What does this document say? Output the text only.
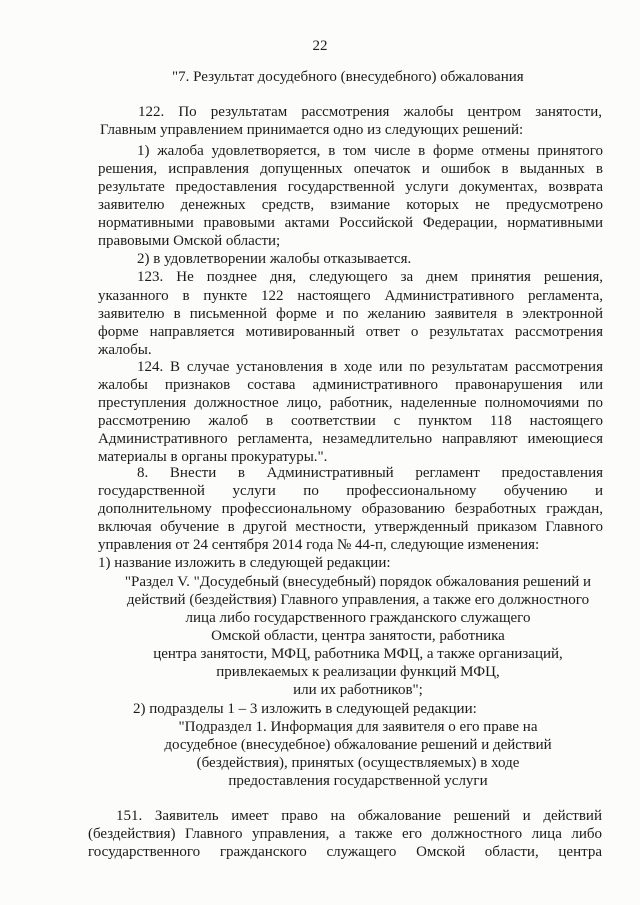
22
"7. Результат досудебного (внесудебного) обжалования
122. По результатам рассмотрения жалобы центром занятости,
Главным управлением принимается одно из следующих решений:
1) жалоба удовлетворяется, в том числе в форме отмены принятого
решения, исправления допущенных опечаток и ошибок в выданных в
результате предоставления государственной услуги документах, возврата
заявителю денежных средств, взимание которых не предусмотрено
нормативными правовыми актами Российской Федерации, нормативными
правовыми Омской области;
2) в удовлетворении жалобы отказывается.
123. Не позднее дня, следующего за днем принятия решения,
указанного в пункте 122 настоящего Административного регламента,
заявителю в письменной форме и по желанию заявителя в электронной
форме направляется мотивированный ответ о результатах рассмотрения
жалобы.
124. В случае установления в ходе или по результатам рассмотрения
жалобы признаков состава административного правонарушения или
преступления должностное лицо, работник, наделенные полномочиями по
рассмотрению жалоб в соответствии с пунктом 118 настоящего
Административного регламента, незамедлительно направляют имеющиеся
материалы в органы прокуратуры.".
8. Внести в Административный регламент предоставления
государственной услуги по профессиональному обучению и
дополнительному профессиональному образованию безработных граждан,
включая обучение в другой местности, утвержденный приказом Главного
управления от 24 сентября 2014 года № 44-п, следующие изменения:
1) название изложить в следующей редакции:
"Раздел V. "Досудебный (внесудебный) порядок обжалования решений и
действий (бездействия) Главного управления, а также его должностного
лица либо государственного гражданского служащего
Омской области, центра занятости, работника
центра занятости, МФЦ, работника МФЦ, а также организаций,
привлекаемых к реализации функций МФЦ,
или их работников";
2) подразделы 1 – 3 изложить в следующей редакции:
"Подраздел 1. Информация для заявителя о его праве на
досудебное (внесудебное) обжалование решений и действий
(бездействия), принятых (осуществляемых) в ходе
предоставления государственной услуги
151. Заявитель имеет право на обжалование решений и действий
(бездействия) Главного управления, а также его должностного лица либо
государственного гражданского служащего Омской области, центра
